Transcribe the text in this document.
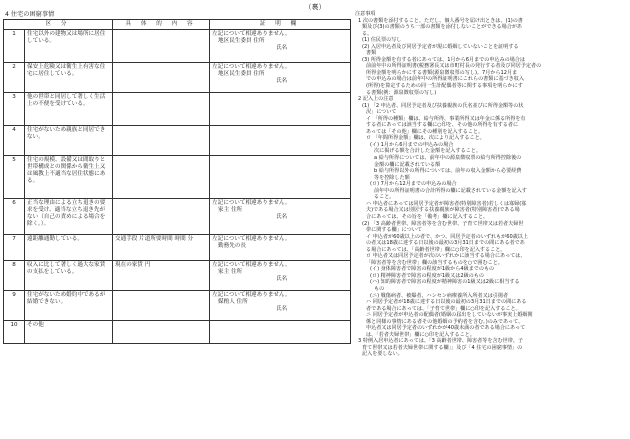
（裏）
4 住宅の困窮事情
区 分		具 体 的 内 容	証 明 欄
1	住宅以外の建物又は場所に居住している。		左記について相違ありません。
地区民生委員 住所
氏名

2	保安上危険又は衛生上有害な住宅に居住している。		左記について相違ありません。
地区民生委員 住所
氏名

3	他の世帯と同居して著しく生活上の不便を受けている。		
4	住宅がないため親族と同居できない。		
5	住宅の規模、設備又は間取りと世帯構成との関係から衛生上又は風教上不適当な居住状態にある。		
6	正当な理由による立ち退きの要求を受け、適当な立ち退き先がない（自己の責めによる場合を除く。）。		左記について相違ありません。
家主 住所
氏名

7	遠距離通勤している。	交通手段 片道所要時間 時間 分	左記について相違ありません。
勤務先の長

8	収入に比して著しく過大な家賃の支払をしている。	現在の家賃 円	左記について相違ありません。
家主 住所
氏名

9	住宅がないため婚約中であるが結婚できない。		左記について相違ありません。
媒酌人 住所
氏名

10	その他		

注意事項

1 次の書類を添付すること。ただし、個人番号を届け出ときは、(1)の書

類及び(3)の書類のうち一部の書類を添付しないことができる場合があ

る。

(1) 住民票の写し

(2) 入居申込者及び同居予定者が現に婚姻していないことを証明する

書類

(3) 所得金額を有する者にあっては、1月から6月までの申込みの場合は

前前年中の所得証明書(税務署長又は市町村長の発行する者及び同居予定者の

所得金額を明らかにする書類(源泉徴収票の写し)。7月から12月ま

での申込みの場合は前年中の所得証明書にこれらの書類に基づき収入

(所得)を算定するための同一生計配偶者等に関する事項を明らかにす

る書類(例：源泉徴収票の写し)

2 記入上の注意

(1) 「2 申込者、同居予定者及び扶養親族の氏名並びに所得金額等の状

況」について

イ 「所得の種類」欄は、給与所得、事業所得又は年金に係る所得を有

する者にあっては該当する欄に○印を、その他の所得を有する者に

あっては「その他」欄にその種別を記入すること。

ロ 「年間所得金額」欄は、次により記入すること。

(イ) 1月から6月までの申込みの場合

次に掲げる額を合計した金額を記入すること。

a 給与所得については、前年中の源泉徴収票の給与所得控除後の

金額の欄に記載されている額

b 給与所得以外の所得については、前年の収入金額から必要経費

等を控除した額

(ロ) 7月から12月までの申込みの場合

前年中の所得証明書の合計所得の欄に記載されている金額を記入す

ること。

ハ 申込者にあっては同居予定者が障害者(特別障害者)若しくは寡婦(寡

夫)である場合又は別居する扶養親族が障害者(特別障害者)である場

合にあっては、その旨を「備考」欄に記入すること。

(2) 「3 高齢者世帯、障害者等を含む世帯、子育て世帯又は若者夫婦世

帯に関する欄」について

イ 申込者が60歳以上の者で、かつ、同居予定者のいずれもが60歳以上

の者又は18歳に達する日以後の最初の3月31日までの間にある者であ

る場合にあっては、「高齢者世帯」欄に○印を記入すること。

ロ 申込者又は同居予定者が次のいずれかに該当する場合にあっては、

「障害者等を含む世帯」欄の該当するものを○で囲むこと。

(イ) 身体障害者で障害の程度が1級から4級までのもの

(ロ) 精神障害者で障害の程度が1級又は2級のもの

(ハ) 知的障害者で障害の程度が精神障害の1級又は2級に相当する

もの

(ニ) 戦傷病者、被爆者、ハンセン病療養所入所者又は引揚者

ハ 同居予定者が18歳に達する日以後の最初の3月31日までの間にある

者である場合にあっては、「子育て世帯」欄に○印を記入すること。

ニ 同居予定者が申込者の配偶者(婚姻の届出をしていないが事実上婚姻関

係と同様の事情にある者その他婚姻の予約者を含む。)のみであって、

申込者又は同居予定者のいずれかが40歳未満の者である場合にあって

は、「若者夫婦世帯」欄に○印を記入すること。

3 特例入居申込者にあっては、「3 高齢者世帯、障害者等を含む世帯、子

育て世帯又は若者夫婦世帯に関する欄」」及び「4 住宅の困窮事情」の

記入を要しない。
